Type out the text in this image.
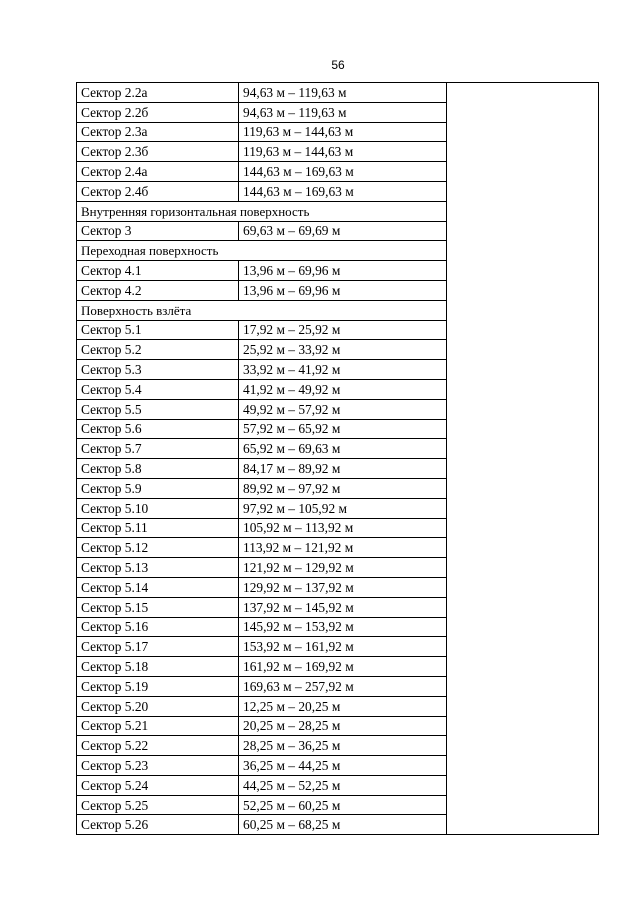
56
Сектор 2.2а	94,63 м – 119,63 м	
Сектор 2.2б	94,63 м – 119,63 м	
Сектор 2.3а	119,63 м – 144,63 м	
Сектор 2.3б	119,63 м – 144,63 м	
Сектор 2.4а	144,63 м – 169,63 м	
Сектор 2.4б	144,63 м – 169,63 м	
Внутренняя горизонтальная поверхность		
Сектор 3	69,63 м – 69,69 м	
Переходная поверхность		
Сектор 4.1	13,96 м – 69,96 м	
Сектор 4.2	13,96 м – 69,96 м	
Поверхность взлёта		
Сектор 5.1	17,92 м – 25,92 м	
Сектор 5.2	25,92 м – 33,92 м	
Сектор 5.3	33,92 м – 41,92 м	
Сектор 5.4	41,92 м – 49,92 м	
Сектор 5.5	49,92 м – 57,92 м	
Сектор 5.6	57,92 м – 65,92 м	
Сектор 5.7	65,92 м – 69,63 м	
Сектор 5.8	84,17 м – 89,92 м	
Сектор 5.9	89,92 м – 97,92 м	
Сектор 5.10	97,92 м – 105,92 м	
Сектор 5.11	105,92 м – 113,92 м	
Сектор 5.12	113,92 м – 121,92 м	
Сектор 5.13	121,92 м – 129,92 м	
Сектор 5.14	129,92 м – 137,92 м	
Сектор 5.15	137,92 м – 145,92 м	
Сектор 5.16	145,92 м – 153,92 м	
Сектор 5.17	153,92 м – 161,92 м	
Сектор 5.18	161,92 м – 169,92 м	
Сектор 5.19	169,63 м – 257,92 м	
Сектор 5.20	12,25 м – 20,25 м	
Сектор 5.21	20,25 м – 28,25 м	
Сектор 5.22	28,25 м – 36,25 м	
Сектор 5.23	36,25 м – 44,25 м	
Сектор 5.24	44,25 м – 52,25 м	
Сектор 5.25	52,25 м – 60,25 м	
Сектор 5.26	60,25 м – 68,25 м	
